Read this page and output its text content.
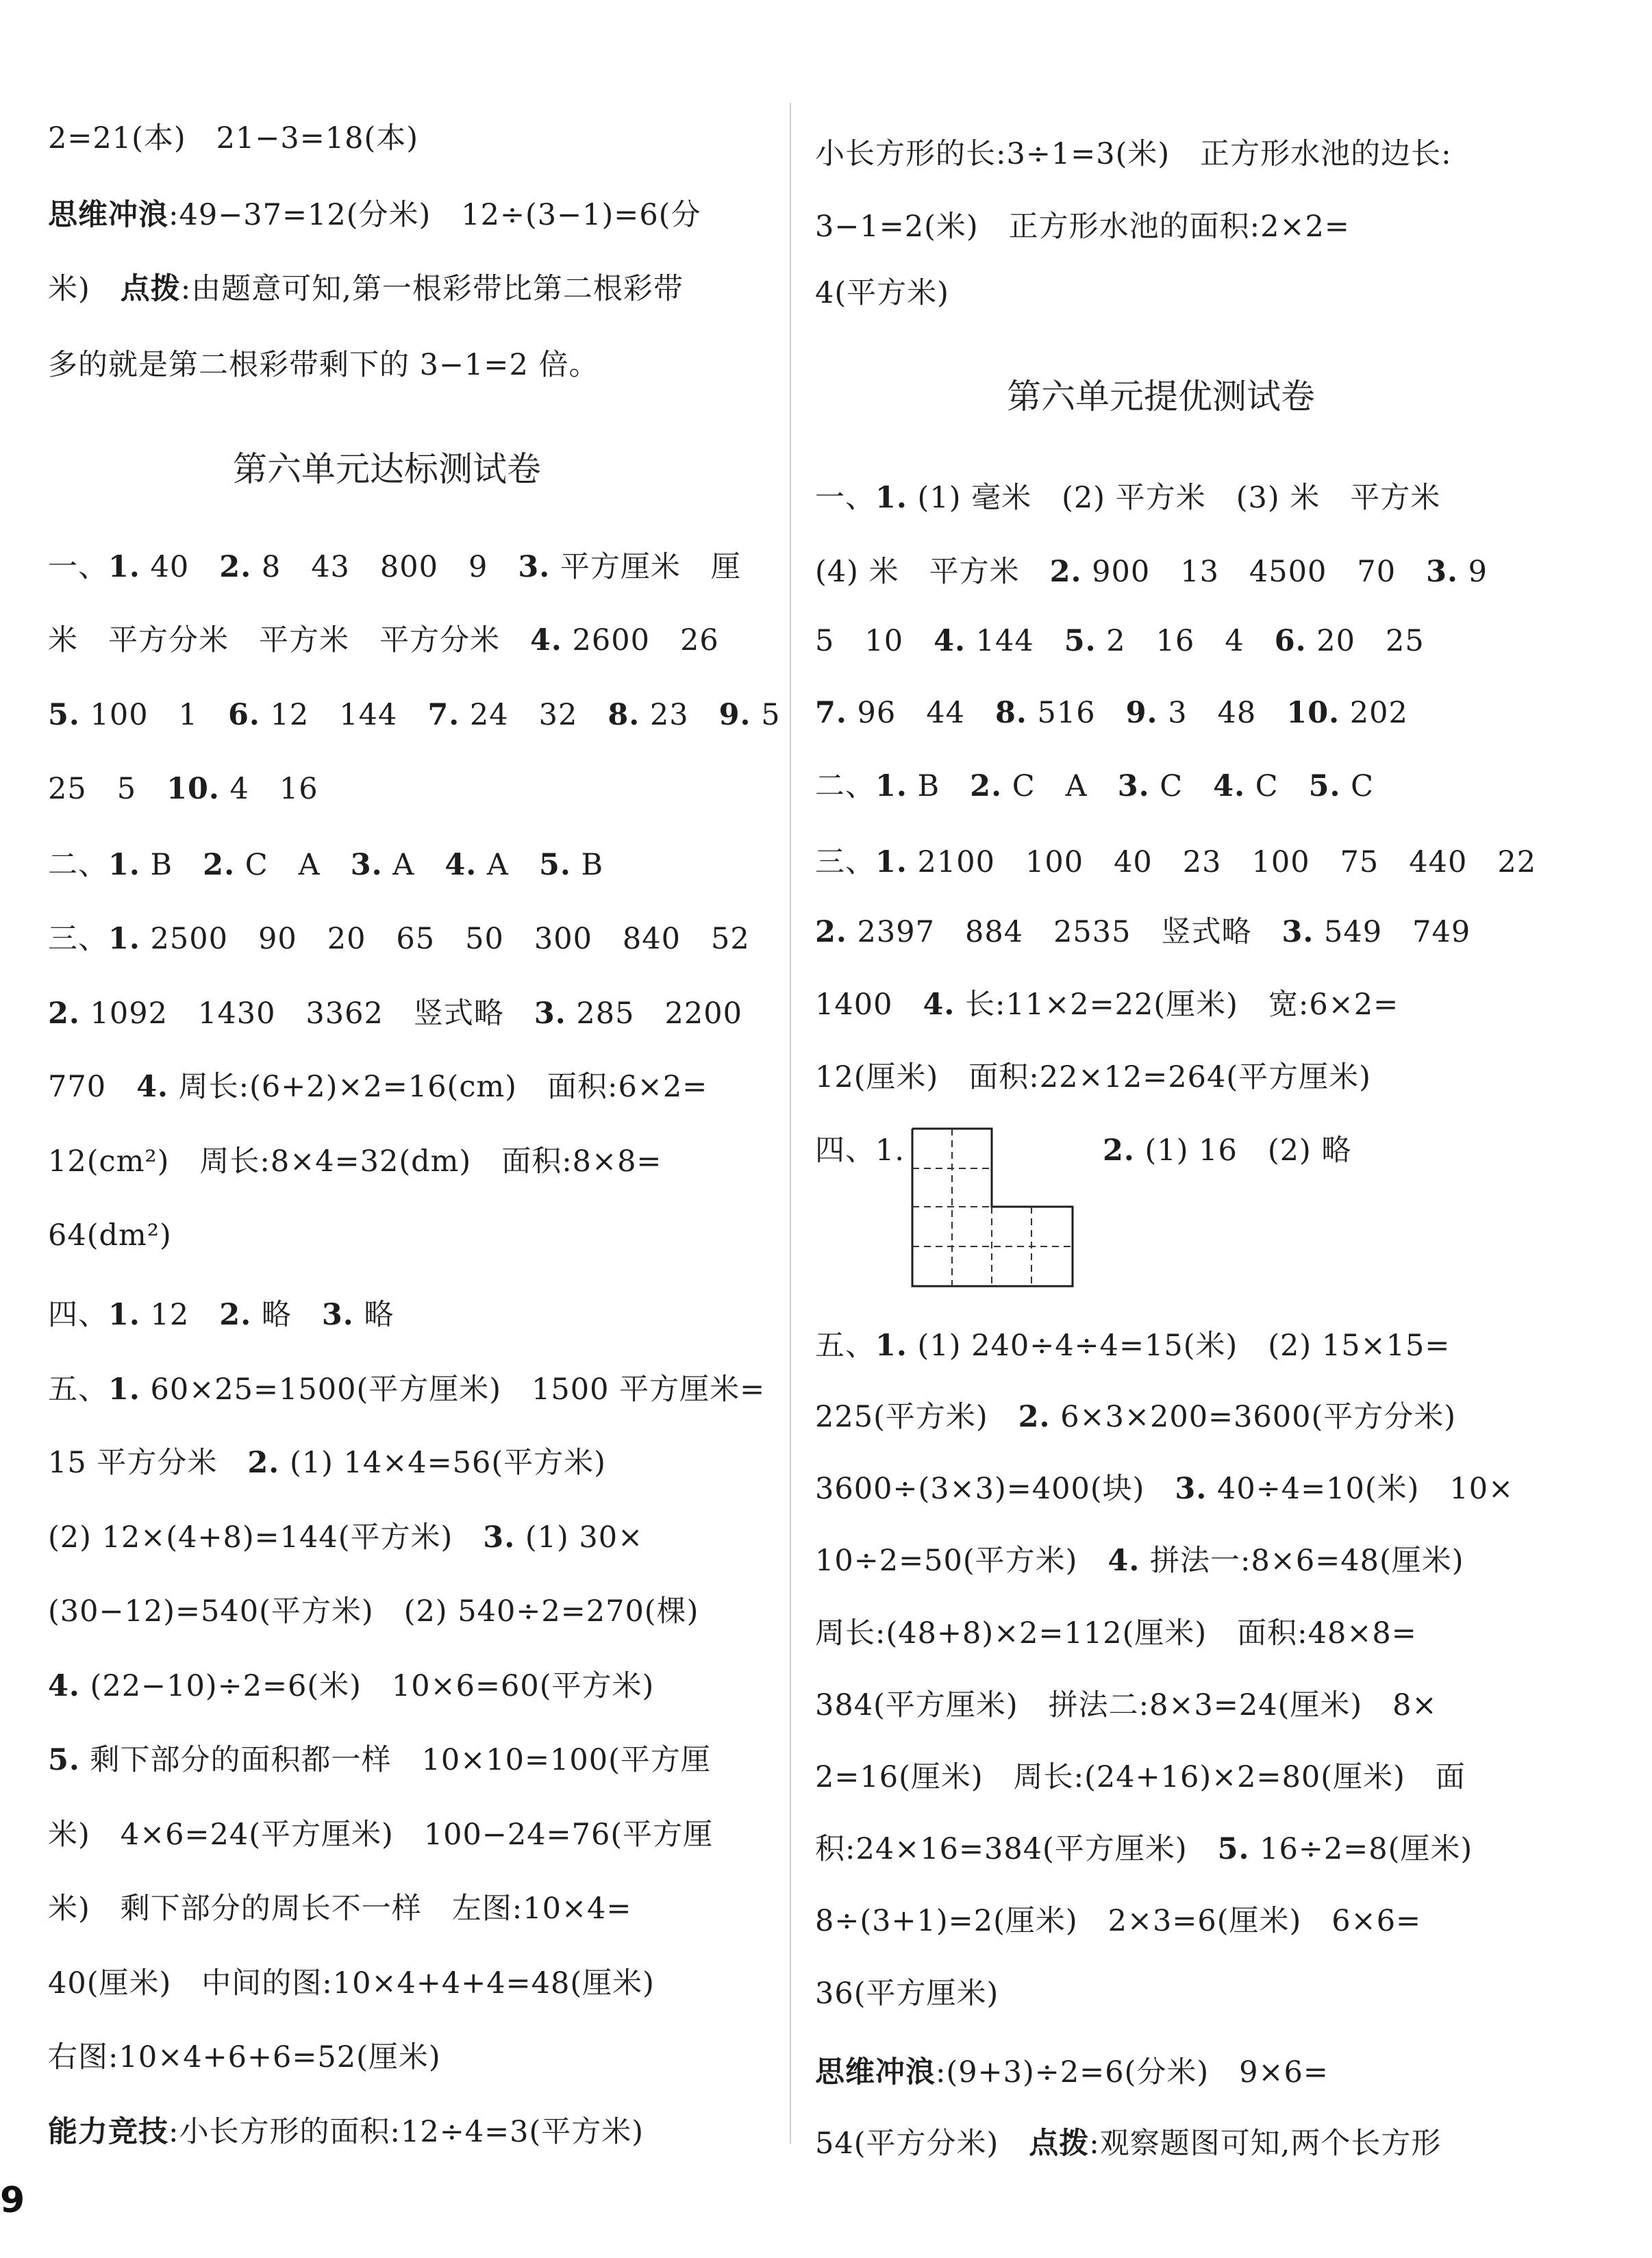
2=21(本)　21−3=18(本)
思维冲浪:49−37=12(分米)　12÷(3−1)=6(分
米)　点拨:由题意可知,第一根彩带比第二根彩带
多的就是第二根彩带剩下的 3−1=2 倍。
第六单元达标测试卷
一、1. 40　2. 8　43　800　9　3. 平方厘米　厘
米　平方分米　平方米　平方分米　4. 2600　26
5. 100　1　6. 12　144　7. 24　32　8. 23　9. 5
25　5　10. 4　16
二、1. B　2. C　A　3. A　4. A　5. B
三、1. 2500　90　20　65　50　300　840　52
2. 1092　1430　3362　竖式略　3. 285　2200
770　4. 周长:(6+2)×2=16(cm)　面积:6×2=
12(cm²)　周长:8×4=32(dm)　面积:8×8=
64(dm²)
四、1. 12　2. 略　3. 略
五、1. 60×25=1500(平方厘米)　1500 平方厘米=
15 平方分米　2. (1) 14×4=56(平方米)
(2) 12×(4+8)=144(平方米)　3. (1) 30×
(30−12)=540(平方米)　(2) 540÷2=270(棵)
4. (22−10)÷2=6(米)　10×6=60(平方米)
5. 剩下部分的面积都一样　10×10=100(平方厘
米)　4×6=24(平方厘米)　100−24=76(平方厘
米)　剩下部分的周长不一样　左图:10×4=
40(厘米)　中间的图:10×4+4+4=48(厘米)
右图:10×4+6+6=52(厘米)
能力竞技:小长方形的面积:12÷4=3(平方米)
小长方形的长:3÷1=3(米)　正方形水池的边长:
3−1=2(米)　正方形水池的面积:2×2=
4(平方米)
第六单元提优测试卷
一、1. (1) 毫米　(2) 平方米　(3) 米　平方米
(4) 米　平方米　2. 900　13　4500　70　3. 9
5　10　4. 144　5. 2　16　4　6. 20　25
7. 96　44　8. 516　9. 3　48　10. 202
二、1. B　2. C　A　3. C　4. C　5. C
三、1. 2100　100　40　23　100　75　440　22
2. 2397　884　2535　竖式略　3. 549　749
1400　4. 长:11×2=22(厘米)　宽:6×2=
12(厘米)　面积:22×12=264(平方厘米)
四、1.	2. (1) 16　(2) 略
五、1. (1) 240÷4÷4=15(米)　(2) 15×15=
225(平方米)　2. 6×3×200=3600(平方分米)
3600÷(3×3)=400(块)　3. 40÷4=10(米)　10×
10÷2=50(平方米)　4. 拼法一:8×6=48(厘米)
周长:(48+8)×2=112(厘米)　面积:48×8=
384(平方厘米)　拼法二:8×3=24(厘米)　8×
2=16(厘米)　周长:(24+16)×2=80(厘米)　面
积:24×16=384(平方厘米)　5. 16÷2=8(厘米)
8÷(3+1)=2(厘米)　2×3=6(厘米)　6×6=
36(平方厘米)
思维冲浪:(9+3)÷2=6(分米)　9×6=
54(平方分米)　点拨:观察题图可知,两个长方形
9
